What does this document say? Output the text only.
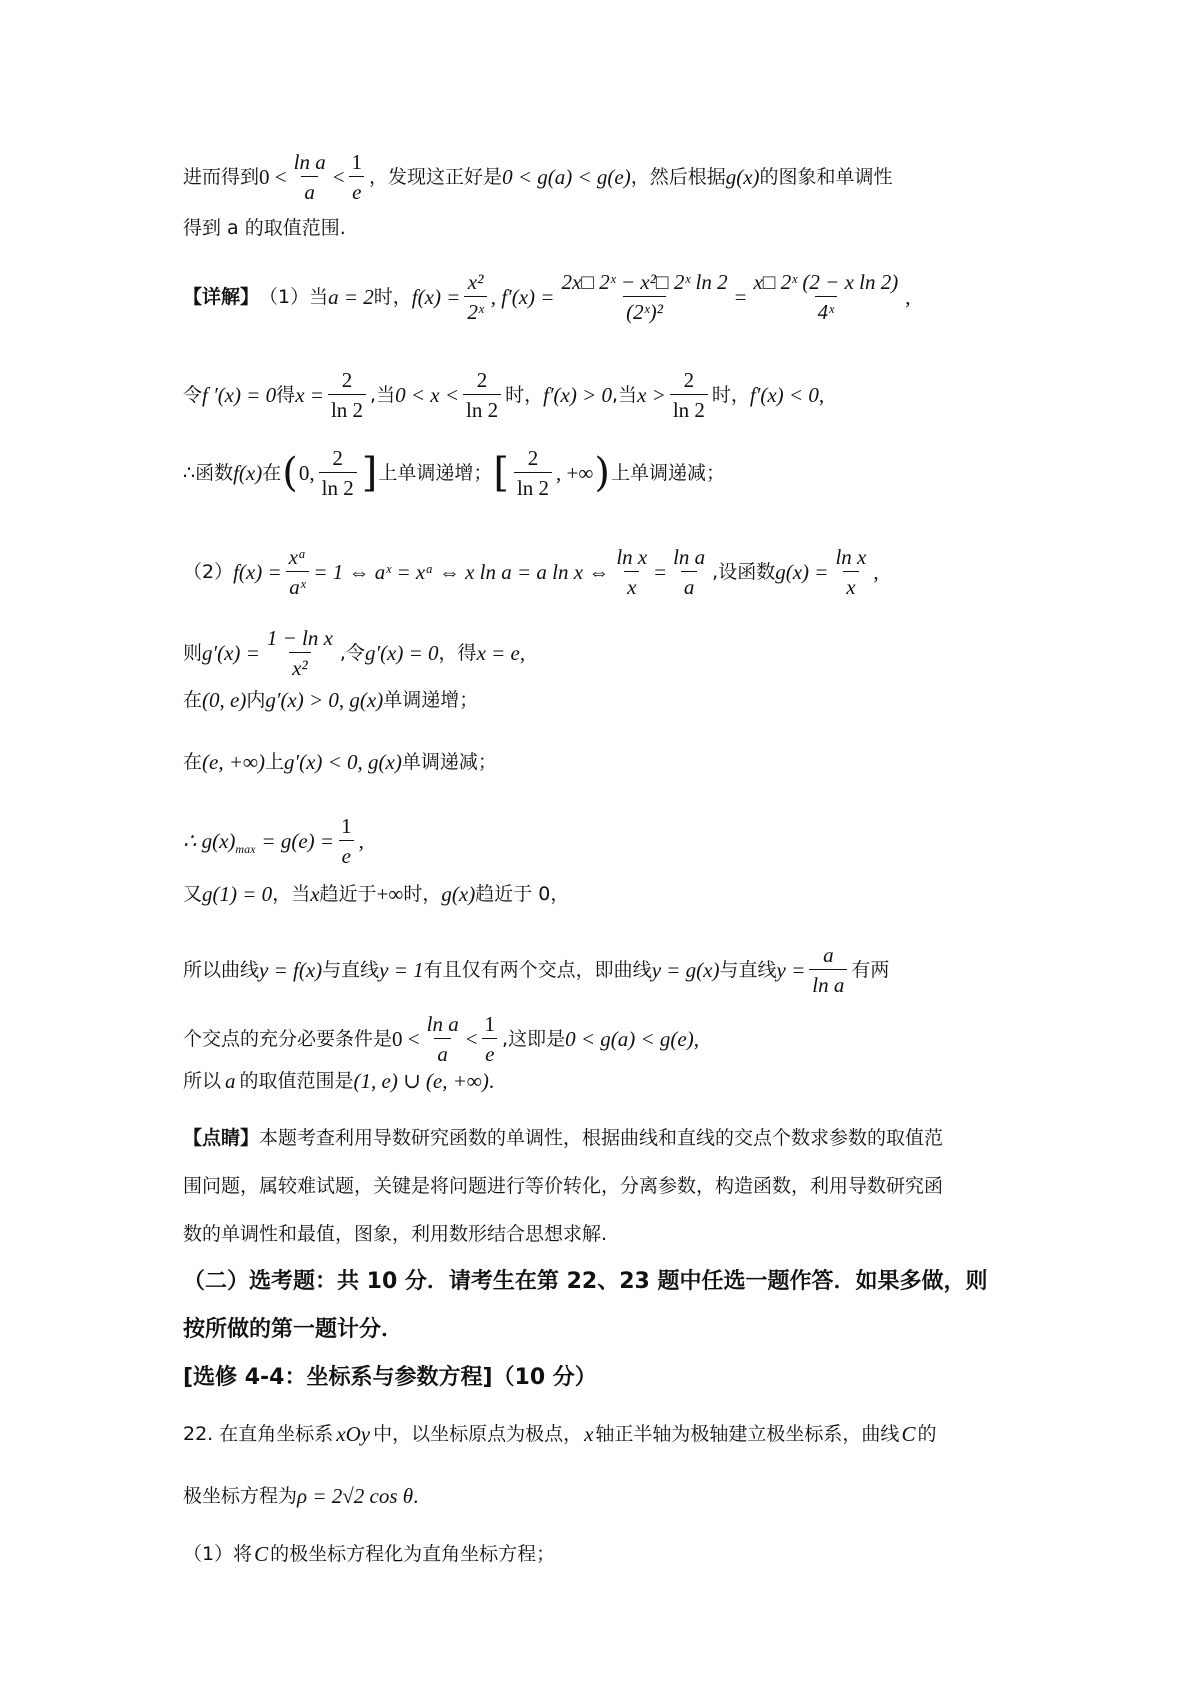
进而得到 $0 < \frac{\text{ln a}}{a} < \frac{1}{e}$ ，发现这正好是 0 < g(a) < g(e) ，然后根据 g(x) 的图象和单调性
得到 a 的取值范围.
【详解】 （1）当 a = 2 时， $f(x) = \frac{\text{x²}}{\text{2ˣ}}$ , $f'(x) = \frac{\text{2x□ 2ˣ − x²□ 2ˣ ln 2}}{\text{(2ˣ)²}} = \frac{\text{x□ 2ˣ (2 − x ln 2)}}{\text{4ˣ}}$ ,
令 f ′(x) = 0 得 $x = \frac{2}{\ln 2}$ ,当 $0 < x < \frac{2}{\ln 2}$ 时， f′(x) > 0 ,当 $x > \frac{2}{\ln 2}$ 时， f′(x) < 0 ,
∴函数 f(x) 在 ( 0, $\frac{2}{\ln 2}$ ] 上单调递增； [ $\frac{2}{\ln 2}$ , +∞ ) 上单调递减；
（2） $f(x) = \frac{\text{xᵃ}}{\text{aˣ}} = 1$ ⇔ aˣ = xᵃ ⇔ x ln a = a ln x ⇔ $\frac{\text{ln x}}{x} = \frac{\text{ln a}}{a}$ ,设函数 $g(x) = \frac{\text{ln x}}{x}$ ,
则 $g'(x) = \frac{\text{1 − ln x}}{\text{x²}}$ ,令 g′(x) = 0 ，得 x = e ,
在 (0, e) 内 g′(x) > 0, g(x) 单调递增；
在 (e, +∞) 上 g′(x) < 0, g(x) 单调递减；
∴ $g(x)_{max} = g(e) = \frac{1}{e}$ ,
又 g(1) = 0 ，当 x 趋近于 +∞ 时， g(x) 趋近于 0，
所以曲线 y = f(x) 与直线 y = 1 有且仅有两个交点，即曲线 y = g(x) 与直线 $y = \frac{a}{\text{ln a}}$ 有两
个交点的充分必要条件是 $0 < \frac{\text{ln a}}{a} < \frac{1}{e}$ ,这即是 0 < g(a) < g(e) ,
所以 a 的取值范围是 (1, e) ∪ (e, +∞) .
【点睛】 本题考查利用导数研究函数的单调性，根据曲线和直线的交点个数求参数的取值范
围问题，属较难试题，关键是将问题进行等价转化，分离参数，构造函数，利用导数研究函
数的单调性和最值，图象，利用数形结合思想求解.
（二）选考题：共 10 分．请考生在第 22、23 题中任选一题作答．如果多做，则
按所做的第一题计分．
[选修 4-4：坐标系与参数方程]（10 分）
22. 在直角坐标系 xOy 中，以坐标原点为极点， x 轴正半轴为极轴建立极坐标系，曲线 C 的
极坐标方程为 ρ = 2√2 cos θ .
（1）将 C 的极坐标方程化为直角坐标方程；
